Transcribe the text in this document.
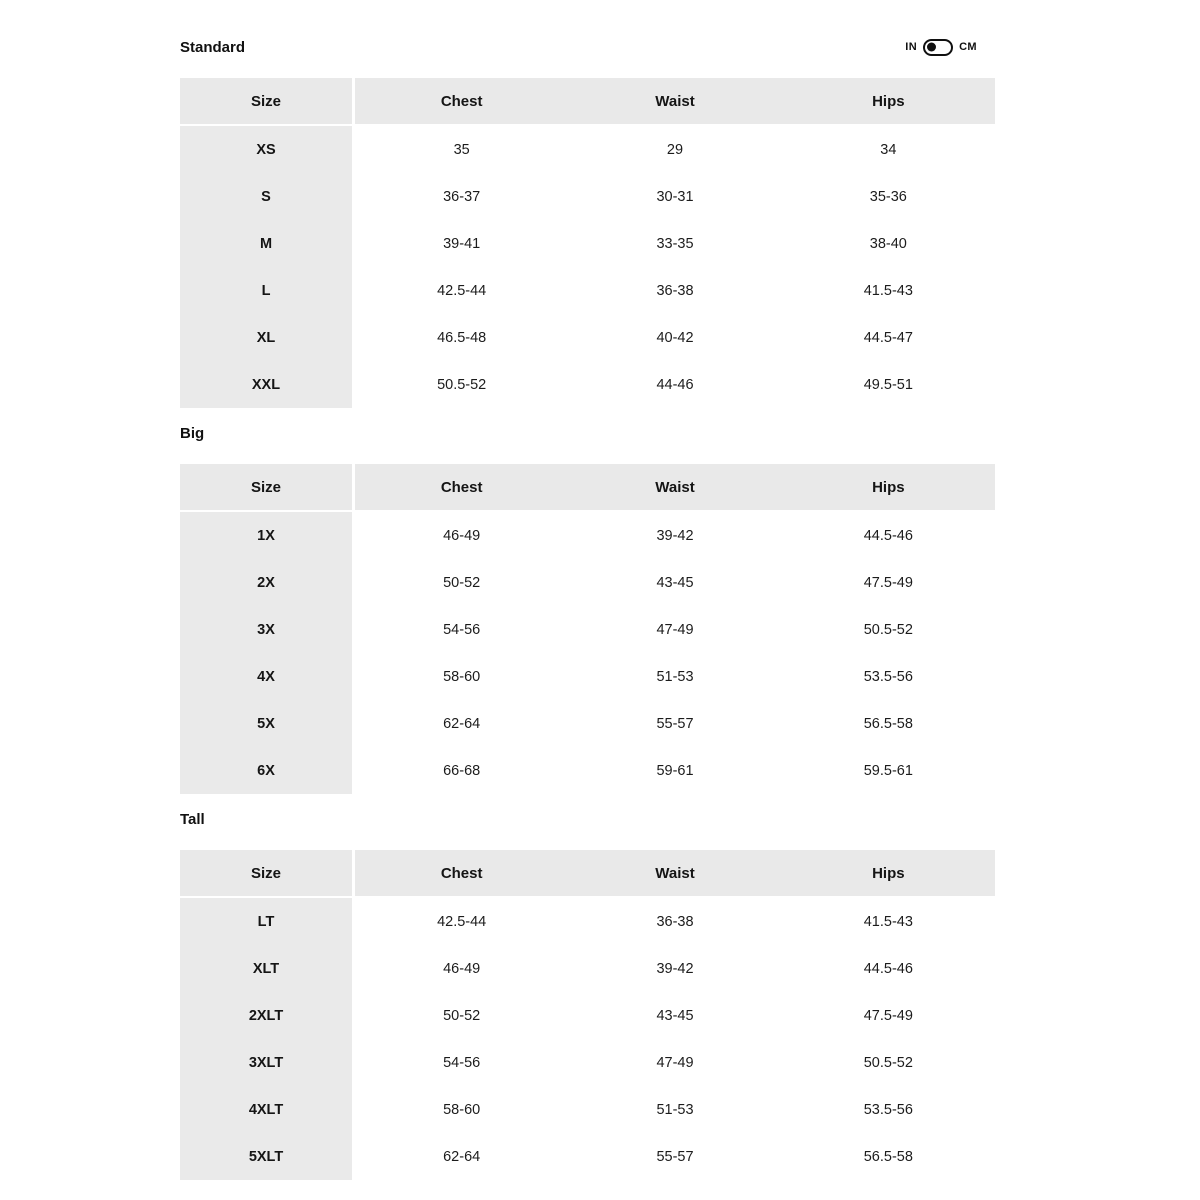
Standard	IN	CM
Size	Chest	Waist	Hips
XS	35	29	34
S	36-37	30-31	35-36
M	39-41	33-35	38-40
L	42.5-44	36-38	41.5-43
XL	46.5-48	40-42	44.5-47
XXL	50.5-52	44-46	49.5-51
Big
Size	Chest	Waist	Hips
1X	46-49	39-42	44.5-46
2X	50-52	43-45	47.5-49
3X	54-56	47-49	50.5-52
4X	58-60	51-53	53.5-56
5X	62-64	55-57	56.5-58
6X	66-68	59-61	59.5-61
Tall
Size	Chest	Waist	Hips
LT	42.5-44	36-38	41.5-43
XLT	46-49	39-42	44.5-46
2XLT	50-52	43-45	47.5-49
3XLT	54-56	47-49	50.5-52
4XLT	58-60	51-53	53.5-56
5XLT	62-64	55-57	56.5-58
